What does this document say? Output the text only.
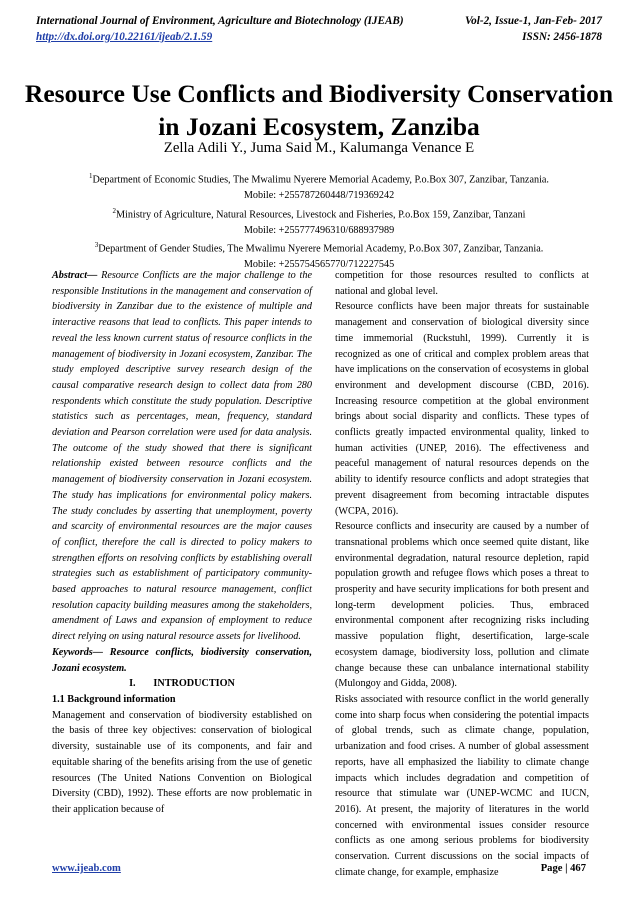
International Journal of Environment, Agriculture and Biotechnology (IJEAB)	Vol-2, Issue-1, Jan-Feb- 2017
http://dx.doi.org/10.22161/ijeab/2.1.59	ISSN: 2456-1878
Resource Use Conflicts and Biodiversity Conservation in Jozani Ecosystem, Zanziba
Zella Adili Y., Juma Said M., Kalumanga Venance E
$^1$Department of Economic Studies, The Mwalimu Nyerere Memorial Academy, P.o.Box 307, Zanzibar, Tanzania.
Mobile: +255787260448/719369242
$^2$Ministry of Agriculture, Natural Resources, Livestock and Fisheries, P.o.Box 159, Zanzibar, Tanzani
Mobile: +255777496310/688937989
$^3$Department of Gender Studies, The Mwalimu Nyerere Memorial Academy, P.o.Box 307, Zanzibar, Tanzania.
Mobile: +255754565770/712227545

Abstract— Resource Conflicts are the major challenge to the responsible Institutions in the management and conservation of biodiversity in Zanzibar due to the existence of multiple and interactive reasons that lead to conflicts. This paper intends to reveal the less known current status of resource conflicts in the management of biodiversity in Jozani ecosystem, Zanzibar. The study employed descriptive survey research design of the causal comparative research design to collect data from 280 respondents which constitute the study population. Descriptive statistics such as percentages, mean, frequency, standard deviation and Pearson correlation were used for data analysis. The outcome of the study showed that there is significant relationship existed between resource conflicts and the management of biodiversity conservation in Jozani ecosystem. The study has implications for environmental policy makers. The study concludes by asserting that unemployment, poverty and scarcity of environmental resources are the major causes of conflict, therefore the call is directed to policy makers to strengthen efforts on resolving conflicts by establishing overall strategies such as establishment of participatory community-based approaches to natural resource management, conflict resolution capacity building measures among the stakeholders, amendment of Laws and expansion of employment to reduce direct relying on using natural resource assets for livelihood.

Keywords— Resource conflicts, biodiversity conservation, Jozani ecosystem.

I.       INTRODUCTION

1.1 Background information

Management and conservation of biodiversity established on the basis of three key objectives: conservation of biological diversity, sustainable use of its components, and fair and equitable sharing of the benefits arising from the use of genetic resources (The United Nations Convention on Biological Diversity (CBD), 1992). These efforts are now problematic in their application because of

competition for those resources resulted to conflicts at national and global level.

Resource conflicts have been major threats for sustainable management and conservation of biological diversity since time immemorial (Ruckstuhl, 1999). Currently it is recognized as one of critical and complex problem areas that have implications on the conservation of ecosystems in global environment and development discourse (CBD, 2016). Increasing resource competition at the global environment brings about social disparity and conflicts. These types of conflicts greatly impacted environmental quality, linked to human activities (UNEP, 2016). The effectiveness and peaceful management of natural resources depends on the ability to identify resource conflicts and adopt strategies that prevent disagreement from becoming intractable disputes (WCPA, 2016).

Resource conflicts and insecurity are caused by a number of transnational problems which once seemed quite distant, like environmental degradation, natural resource depletion, rapid population growth and refugee flows which poses a threat to prosperity and have security implications for both present and long-term development policies. Thus, embraced environmental component after recognizing risks including massive population flight, desertification, large-scale ecosystem damage, biodiversity loss, pollution and climate change because these can unbalance international stability (Mulongoy and Gidda, 2008).

Risks associated with resource conflict in the world generally come into sharp focus when considering the potential impacts of global trends, such as climate change, population, urbanization and food crises. A number of global assessment reports, have all emphasized the liability to climate change impacts which includes degradation and competition of resource that stimulate war (UNEP-WCMC and IUCN, 2016). At present, the majority of literatures in the world concerned with environmental issues consider resource conflicts as one among serious problems for biodiversity conservation. Current discussions on the social impacts of climate change, for example, emphasize

www.ijeab.com	Page | 467
